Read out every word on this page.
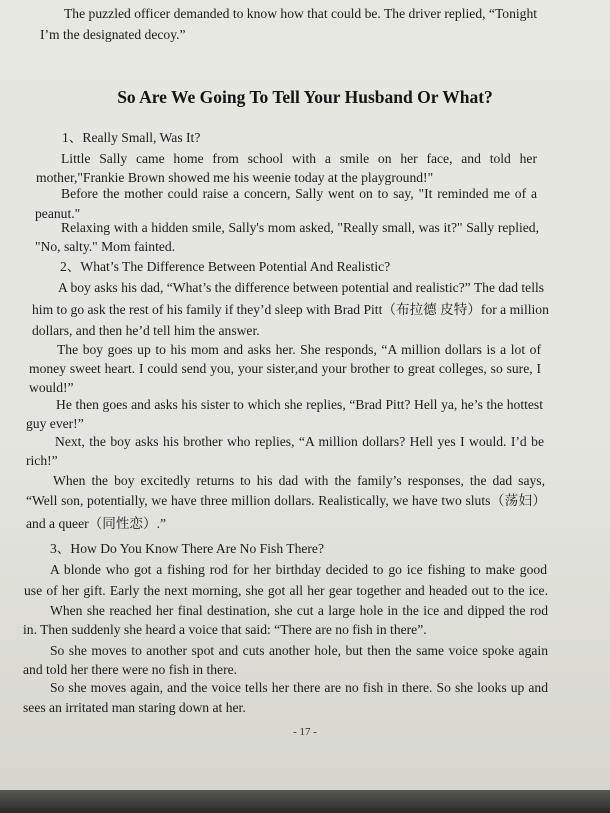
The puzzled officer demanded to know how that could be. The driver replied, “Tonight

I’m the designated decoy.”

So Are We Going To Tell Your Husband Or What?

1、Really Small, Was It?

Little Sally came home from school with a smile on her face, and told her

mother,"Frankie Brown showed me his weenie today at the playground!"

Before the mother could raise a concern, Sally went on to say, "It reminded me of a

peanut."

Relaxing with a hidden smile, Sally's mom asked, "Really small, was it?" Sally replied,

"No, salty." Mom fainted.

2、What’s The Difference Between Potential And Realistic?

A boy asks his dad, “What’s the difference between potential and realistic?” The dad tells

him to go ask the rest of his family if they’d sleep with Brad Pitt（布拉德 皮特）for a million

dollars, and then he’d tell him the answer.

The boy goes up to his mom and asks her. She responds, “A million dollars is a lot of

money sweet heart. I could send you, your sister,and your brother to great colleges, so sure, I

would!”

He then goes and asks his sister to which she replies, “Brad Pitt? Hell ya, he’s the hottest

guy ever!”

Next, the boy asks his brother who replies, “A million dollars? Hell yes I would. I’d be

rich!”

When the boy excitedly returns to his dad with the family’s responses, the dad says,

“Well son, potentially, we have three million dollars. Realistically, we have two sluts（荡妇）

and a queer（同性恋）.”

3、How Do You Know There Are No Fish There?

A blonde who got a fishing rod for her birthday decided to go ice fishing to make good

use of her gift. Early the next morning, she got all her gear together and headed out to the ice.

When she reached her final destination, she cut a large hole in the ice and dipped the rod

in. Then suddenly she heard a voice that said: “There are no fish in there”.

So she moves to another spot and cuts another hole, but then the same voice spoke again

and told her there were no fish in there.

So she moves again, and the voice tells her there are no fish in there. So she looks up and

sees an irritated man staring down at her.

- 17 -
